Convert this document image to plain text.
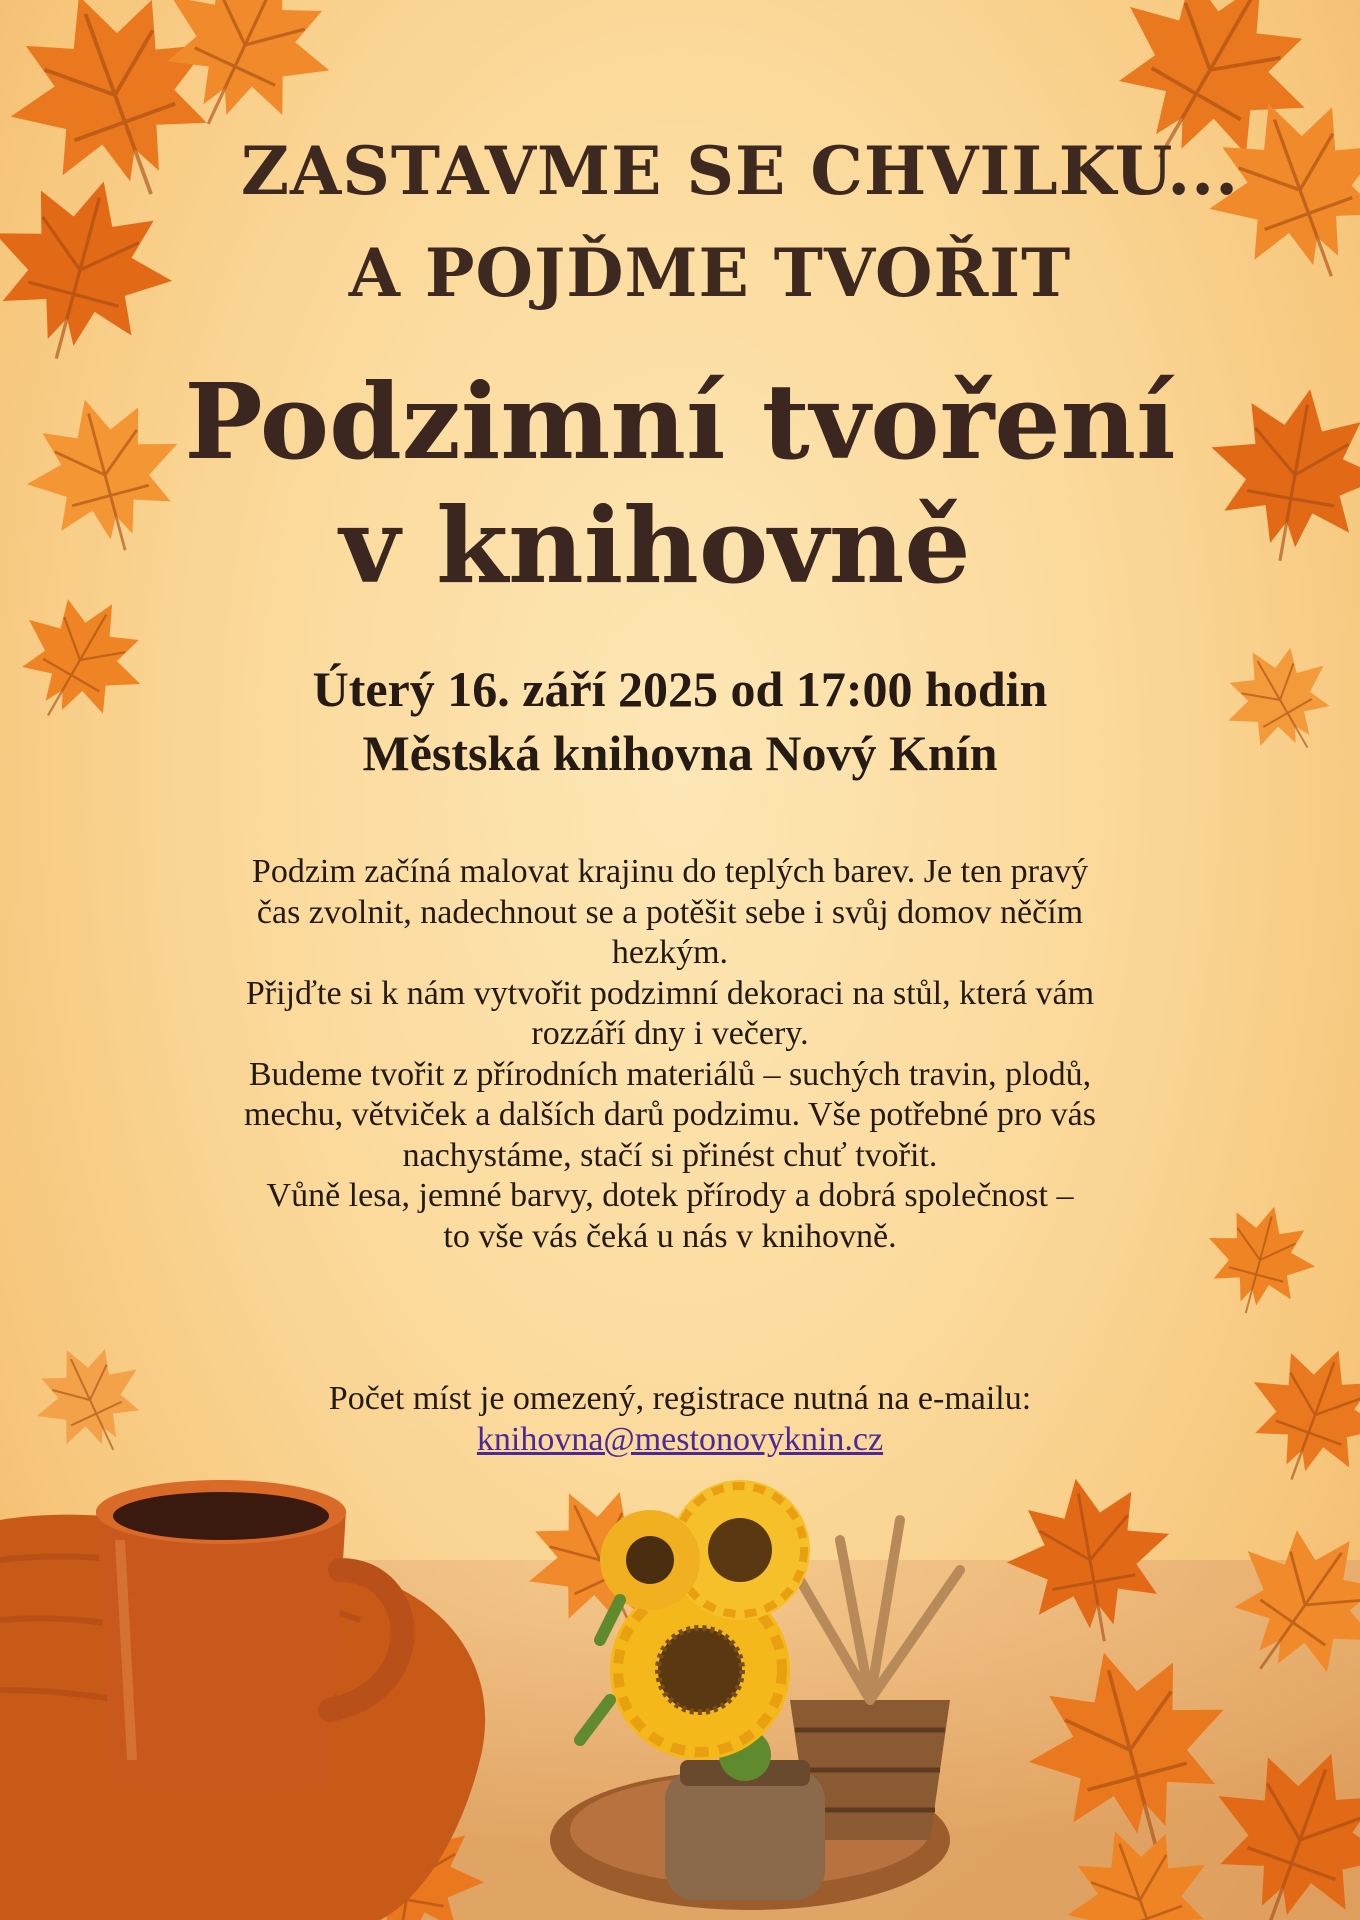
ZASTAVME SE CHVILKU...
A POJĎME TVOŘIT
Podzimní tvoření
v knihovně
Úterý 16. září 2025 od 17:00 hodin
Městská knihovna Nový Knín

Podzim začíná malovat krajinu do teplých barev. Je ten pravý

čas zvolnit, nadechnout se a potěšit sebe i svůj domov něčím

hezkým.

Přijďte si k nám vytvořit podzimní dekoraci na stůl, která vám

rozzáří dny i večery.

Budeme tvořit z přírodních materiálů – suchých travin, plodů,

mechu, větviček a dalších darů podzimu. Vše potřebné pro vás

nachystáme, stačí si přinést chuť tvořit.

Vůně lesa, jemné barvy, dotek přírody a dobrá společnost –

to vše vás čeká u nás v knihovně.

Počet míst je omezený, registrace nutná na e-mailu:
knihovna@mestonovyknin.cz
